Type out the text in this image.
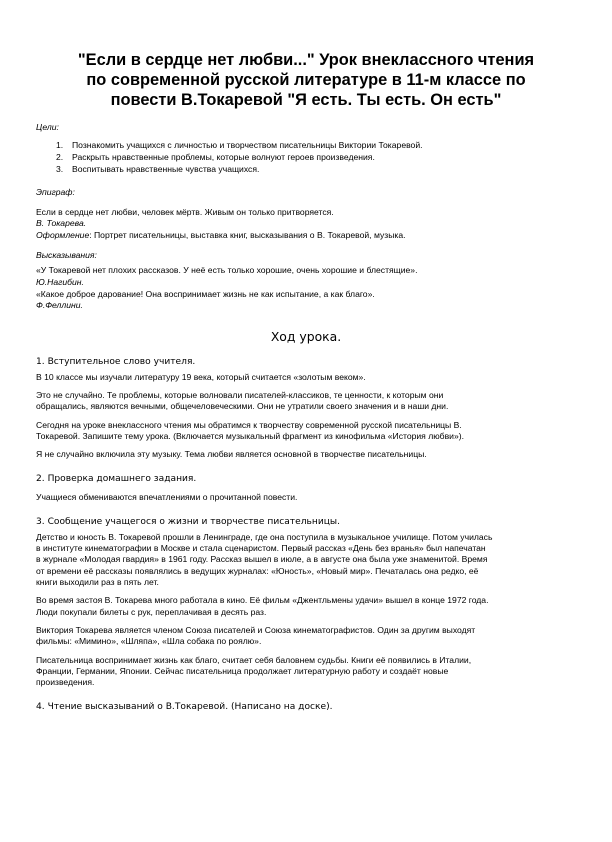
"Если в сердце нет любви..." Урок внеклассного чтения
по современной русской литературе в 11-м классе по
повести В.Токаревой "Я есть. Ты есть. Он есть"

Цели:

1. Познакомить учащихся с личностью и творчеством писательницы Виктории Токаревой.
2. Раскрыть нравственные проблемы, которые волнуют героев произведения.
3. Воспитывать нравственные чувства учащихся.

Эпиграф:

Если в сердце нет любви, человек мёртв. Живым он только притворяется.

В. Токарева.

Оформление: Портрет писательницы, выставка книг, высказывания о В. Токаревой, музыка.

Высказывания:

«У Токаревой нет плохих рассказов. У неё есть только хорошие, очень хорошие и блестящие».

Ю.Нагибин.

«Какое доброе дарование! Она воспринимает жизнь не как испытание, а как благо».

Ф.Феллини.

Ход урока.

1. Вступительное слово учителя.

В 10 классе мы изучали литературу 19 века, который считается «золотым веком».

Это не случайно. Те проблемы, которые волновали писателей-классиков, те ценности, к которым они

обращались, являются вечными, общечеловеческими. Они не утратили своего значения и в наши дни.

Сегодня на уроке внеклассного чтения мы обратимся к творчеству современной русской писательницы В.

Токаревой. Запишите тему урока. (Включается музыкальный фрагмент из кинофильма «История любви»).

Я не случайно включила эту музыку. Тема любви является основной в творчестве писательницы.

2. Проверка домашнего задания.

Учащиеся обмениваются впечатлениями о прочитанной повести.

3. Сообщение учащегося о жизни и творчестве писательницы.

Детство и юность В. Токаревой прошли в Ленинграде, где она поступила в музыкальное училище. Потом училась

в институте кинематографии в Москве и стала сценаристом. Первый рассказ «День без вранья» был напечатан

в журнале «Молодая гвардия» в 1961 году. Рассказ вышел в июле, а в августе она была уже знаменитой. Время

от времени её рассказы появлялись в ведущих журналах: «Юность», «Новый мир». Печаталась она редко, её

книги выходили раз в пять лет.

Во время застоя В. Токарева много работала в кино. Её фильм «Джентльмены удачи» вышел в конце 1972 года.

Люди покупали билеты с рук, переплачивая в десять раз.

Виктория Токарева является членом Союза писателей и Союза кинематографистов. Один за другим выходят

фильмы: «Мимино», «Шляпа», «Шла собака по роялю».

Писательница воспринимает жизнь как благо, считает себя баловнем судьбы. Книги её появились в Италии,

Франции, Германии, Японии. Сейчас писательница продолжает литературную работу и создаёт новые

произведения.

4. Чтение высказываний о В.Токаревой. (Написано на доске).
